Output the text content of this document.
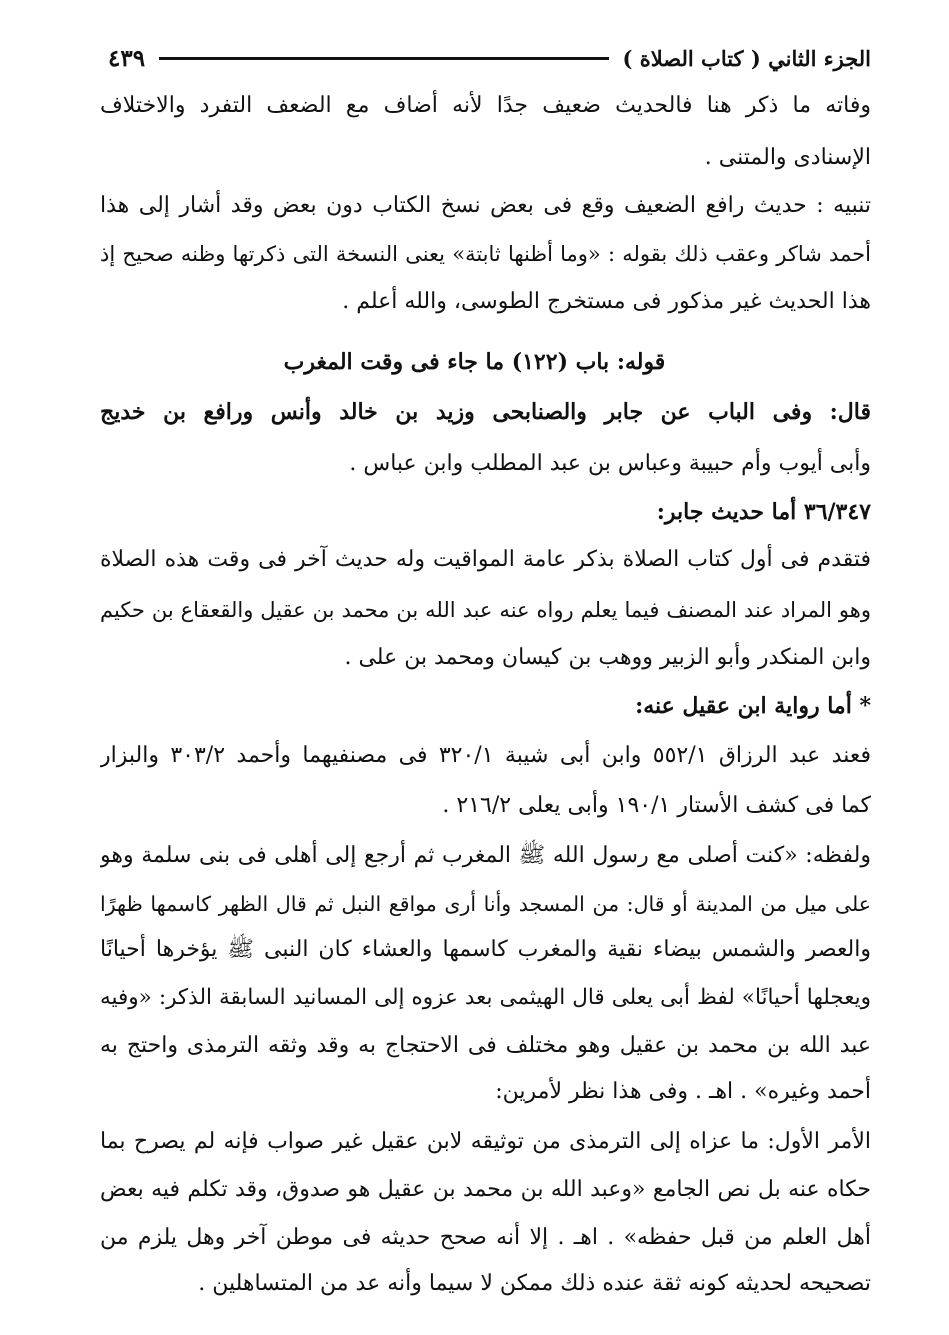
الجزء الثاني ( كتاب الصلاة )
٤٣٩
وفاته ما ذكر هنا فالحديث ضعيف جدًا لأنه أضاف مع الضعف التفرد والاختلاف
الإسنادى والمتنى .
تنبيه : حديث رافع الضعيف وقع فى بعض نسخ الكتاب دون بعض وقد أشار إلى هذا
أحمد شاكر وعقب ذلك بقوله : «وما أظنها ثابتة» يعنى النسخة التى ذكرتها وظنه صحيح إذ
هذا الحديث غير مذكور فى مستخرج الطوسى، والله أعلم .
قوله: باب (١٢٢) ما جاء فى وقت المغرب
قال: وفى الباب عن جابر والصنابحى وزيد بن خالد وأنس ورافع بن خديج
وأبى أيوب وأم حبيبة وعباس بن عبد المطلب وابن عباس .
٣٦/٣٤٧ أما حديث جابر:
فتقدم فى أول كتاب الصلاة بذكر عامة المواقيت وله حديث آخر فى وقت هذه الصلاة
وهو المراد عند المصنف فيما يعلم رواه عنه عبد الله بن محمد بن عقيل والقعقاع بن حكيم
وابن المنكدر وأبو الزبير ووهب بن كيسان ومحمد بن على .
* أما رواية ابن عقيل عنه:
فعند عبد الرزاق ٥٥٢/١ وابن أبى شيبة ٣٢٠/١ فى مصنفيهما وأحمد ٣٠٣/٢ والبزار
كما فى كشف الأستار ١٩٠/١ وأبى يعلى ٢١٦/٢ .
ولفظه: «كنت أصلى مع رسول الله ﷺ المغرب ثم أرجع إلى أهلى فى بنى سلمة وهو
على ميل من المدينة أو قال: من المسجد وأنا أرى مواقع النبل ثم قال الظهر كاسمها ظهرًا
والعصر والشمس بيضاء نقية والمغرب كاسمها والعشاء كان النبى ﷺ يؤخرها أحيانًا
ويعجلها أحيانًا» لفظ أبى يعلى قال الهيثمى بعد عزوه إلى المسانيد السابقة الذكر: «وفيه
عبد الله بن محمد بن عقيل وهو مختلف فى الاحتجاج به وقد وثقه الترمذى واحتج به
أحمد وغيره» . اهـ . وفى هذا نظر لأمرين:
الأمر الأول: ما عزاه إلى الترمذى من توثيقه لابن عقيل غير صواب فإنه لم يصرح بما
حكاه عنه بل نص الجامع «وعبد الله بن محمد بن عقيل هو صدوق، وقد تكلم فيه بعض
أهل العلم من قبل حفظه» . اهـ . إلا أنه صحح حديثه فى موطن آخر وهل يلزم من
تصحيحه لحديثه كونه ثقة عنده ذلك ممكن لا سيما وأنه عد من المتساهلين .
